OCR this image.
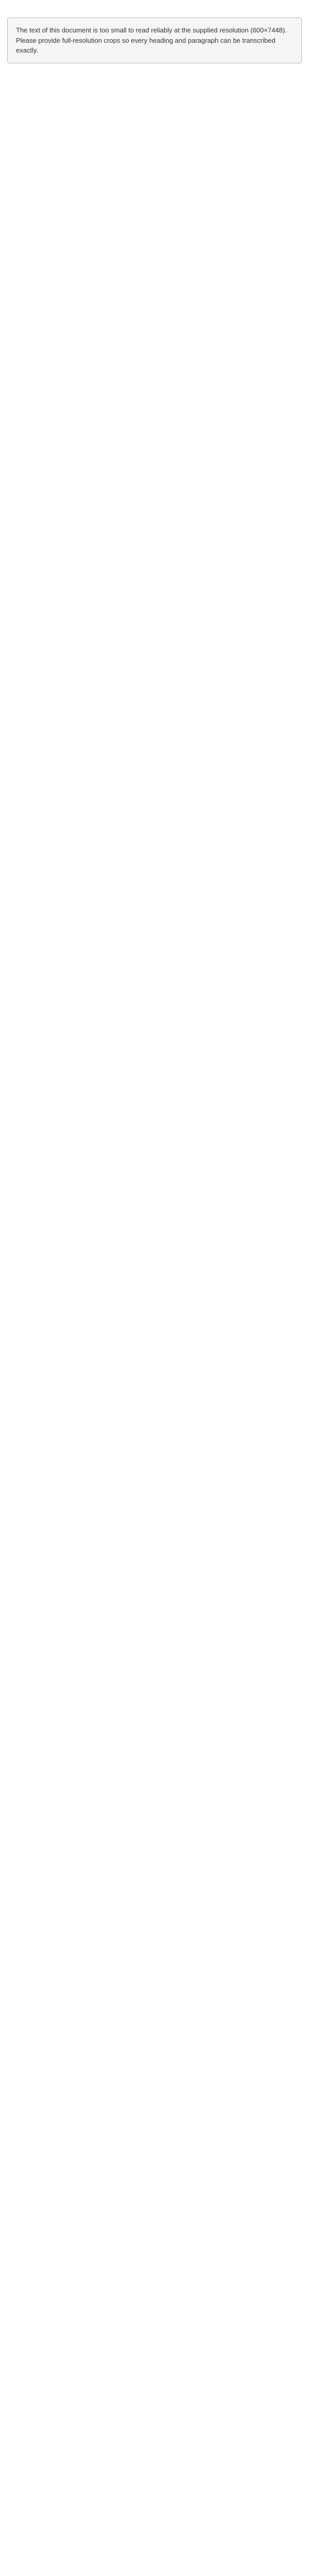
The text of this document is too small to read reliably at the supplied resolution (600×7448). Please provide full-resolution crops so every heading and paragraph can be transcribed exactly.
